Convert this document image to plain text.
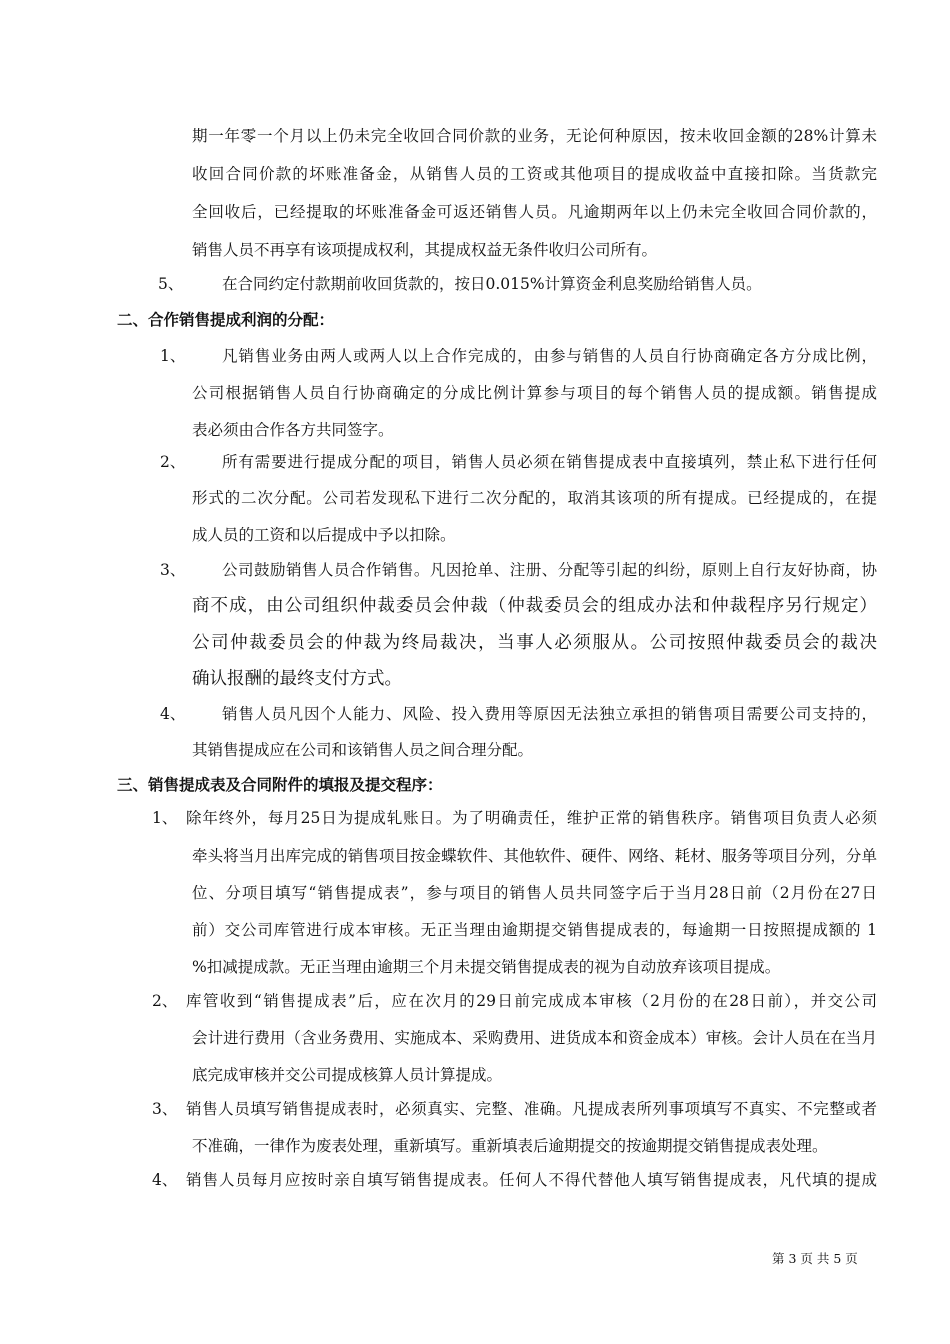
期一年零一个月以上仍未完全收回合同价款的业务，无论何种原因，按未收回金额的28%计算未
收回合同价款的坏账准备金，从销售人员的工资或其他项目的提成收益中直接扣除。当货款完
全回收后，已经提取的坏账准备金可返还销售人员。凡逾期两年以上仍未完全收回合同价款的，
销售人员不再享有该项提成权利，其提成权益无条件收归公司所有。
5、 在合同约定付款期前收回货款的，按日0.015%计算资金利息奖励给销售人员。
二、合作销售提成利润的分配：
1、 凡销售业务由两人或两人以上合作完成的，由参与销售的人员自行协商确定各方分成比例，
公司根据销售人员自行协商确定的分成比例计算参与项目的每个销售人员的提成额。销售提成
表必须由合作各方共同签字。
2、 所有需要进行提成分配的项目，销售人员必须在销售提成表中直接填列，禁止私下进行任何
形式的二次分配。公司若发现私下进行二次分配的，取消其该项的所有提成。已经提成的，在提
成人员的工资和以后提成中予以扣除。
3、 公司鼓励销售人员合作销售。凡因抢单、注册、分配等引起的纠纷，原则上自行友好协商，协
商不成，由公司组织仲裁委员会仲裁（仲裁委员会的组成办法和仲裁程序另行规定）
公司仲裁委员会的仲裁为终局裁决，当事人必须服从。公司按照仲裁委员会的裁决
确认报酬的最终支付方式。
4、 销售人员凡因个人能力、风险、投入费用等原因无法独立承担的销售项目需要公司支持的，
其销售提成应在公司和该销售人员之间合理分配。
三、销售提成表及合同附件的填报及提交程序：
1、 除年终外，每月25日为提成轧账日。为了明确责任，维护正常的销售秩序。销售项目负责人必须
牵头将当月出库完成的销售项目按金蝶软件、其他软件、硬件、网络、耗材、服务等项目分列，分单
位、分项目填写“销售提成表”，参与项目的销售人员共同签字后于当月28日前（2月份在27日
前）交公司库管进行成本审核。无正当理由逾期提交销售提成表的，每逾期一日按照提成额的 1
%扣减提成款。无正当理由逾期三个月未提交销售提成表的视为自动放弃该项目提成。
2、 库管收到“销售提成表”后，应在次月的29日前完成成本审核（2月份的在28日前），并交公司
会计进行费用（含业务费用、实施成本、采购费用、进货成本和资金成本）审核。会计人员在在当月
底完成审核并交公司提成核算人员计算提成。
3、 销售人员填写销售提成表时，必须真实、完整、准确。凡提成表所列事项填写不真实、不完整或者
不准确，一律作为废表处理，重新填写。重新填表后逾期提交的按逾期提交销售提成表处理。
4、 销售人员每月应按时亲自填写销售提成表。任何人不得代替他人填写销售提成表，凡代填的提成
第 3 页 共 5 页
